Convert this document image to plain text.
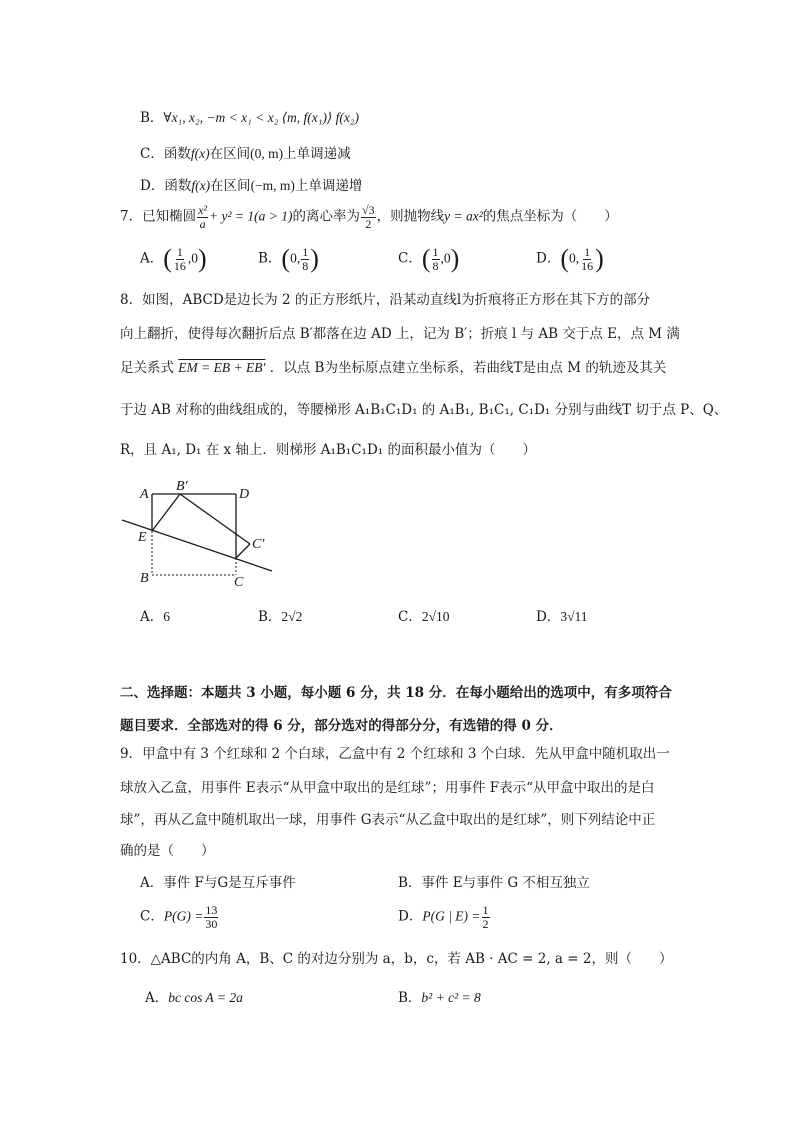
B．∀x₁, x₂, −m < x₁ < x₂ ⟨m, f(x₁)⟩ f(x₂)
C．函数f(x)在区间(0, m)上单调递减
D．函数f(x)在区间(−m, m)上单调递增
7．已知椭圆 $\frac{\text{x²}}{a} + y^2 = 1(a > 1)$的离心率为 $\frac{√3}{2}$ ，则抛物线y = ax²的焦点坐标为（　　）
A．( $\frac{1}{16} ,0$)	B．(0, $\frac{1}{8}$ )	C．( $\frac{1}{8} ,0$)	D．(0, $\frac{1}{16}$ )
8．如图，ABCD是边长为 2 的正方形纸片，沿某动直线l为折痕将正方形在其下方的部分
向上翻折，使得每次翻折后点 B′都落在边 AD 上，记为 B′；折痕 l 与 AB 交于点 E，点 M 满
足关系式 EM = EB + EB′ ．以点 B为坐标原点建立坐标系，若曲线T是由点 M 的轨迹及其关
于边 AB 对称的曲线组成的，等腰梯形 A₁B₁C₁D₁ 的 A₁B₁, B₁C₁, C₁D₁ 分别与曲线T 切于点 P、Q、
R，且 A₁, D₁ 在 x 轴上．则梯形 A₁B₁C₁D₁ 的面积最小值为（　　）
A
B′
D
E	C′
B	C
A．6	B．2√2	C．2√10	D．3√11
二、选择题：本题共 3 小题，每小题 6 分，共 18 分．在每小题给出的选项中，有多项符合
题目要求．全部选对的得 6 分，部分选对的得部分分，有选错的得 0 分．
9．甲盒中有 3 个红球和 2 个白球，乙盒中有 2 个红球和 3 个白球．先从甲盒中随机取出一
球放入乙盒，用事件 E表示“从甲盒中取出的是红球”；用事件 F表示“从甲盒中取出的是白
球”，再从乙盒中随机取出一球，用事件 G表示“从乙盒中取出的是红球”，则下列结论中正
确的是（　　）
A．事件 F与G是互斥事件	B．事件 E与事件 G 不相互独立
C．$P(G) = \frac{13}{30}$	D．P(G | $E) = \frac{1}{2}$
10．△ABC的内角 A，B、C 的对边分别为 a，b，c，若 AB · AC = 2, a = 2，则（　　）
A．bc cos A = 2a	B．b² + c² = 8
